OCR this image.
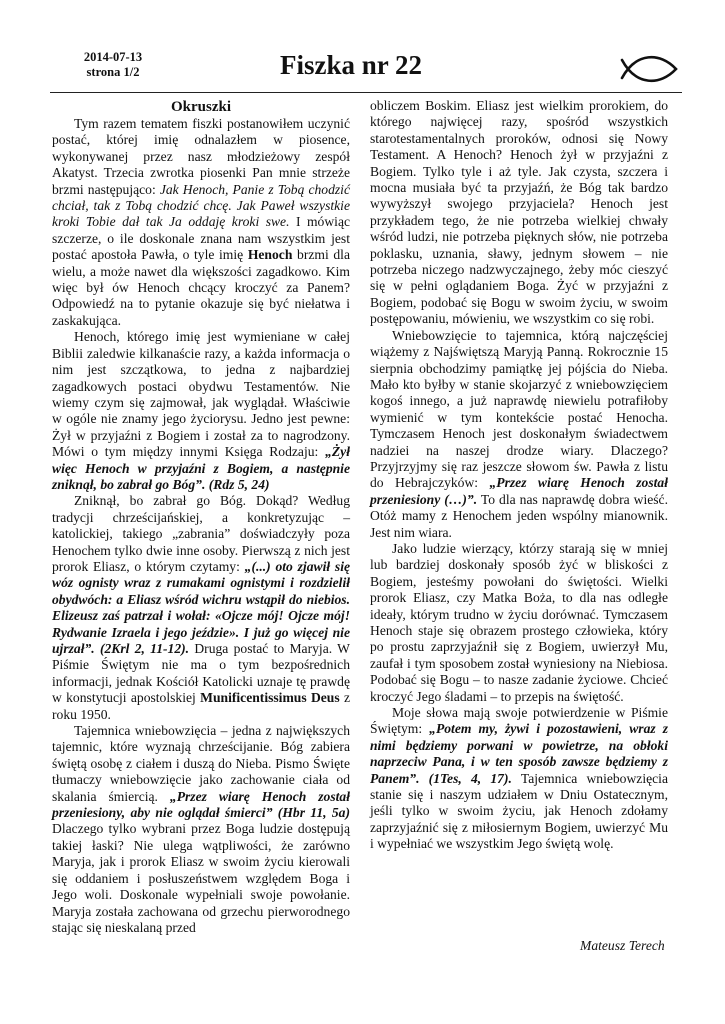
2014-07-13
strona 1/2	Fiszka nr 22
Okruszki

Tym razem tematem fiszki postanowiłem uczynić postać, której imię odnalazłem w piosence, wykonywanej przez nasz młodzieżowy zespół Akatyst. Trzecia zwrotka piosenki Pan mnie strzeże brzmi następująco: Jak Henoch, Panie z Tobą chodzić chciał, tak z Tobą chodzić chcę. Jak Paweł wszystkie kroki Tobie dał tak Ja oddaję kroki swe. I mówiąc szczerze, o ile doskonale znana nam wszystkim jest postać apostoła Pawła, o tyle imię Henoch brzmi dla wielu, a może nawet dla większości zagadkowo. Kim więc był ów Henoch chcący kroczyć za Panem? Odpowiedź na to pytanie okazuje się być niełatwa i zaskakująca.

Henoch, którego imię jest wymieniane w całej Biblii zaledwie kilkanaście razy, a każda informacja o nim jest szczątkowa, to jedna z najbardziej zagadkowych postaci obydwu Testamentów. Nie wiemy czym się zajmował, jak wyglądał. Właściwie w ogóle nie znamy jego życiorysu. Jedno jest pewne: Żył w przyjaźni z Bogiem i został za to nagrodzony. Mówi o tym między innymi Księga Rodzaju: „Żył więc Henoch w przyjaźni z Bogiem, a następnie zniknął, bo zabrał go Bóg”. (Rdz 5, 24)

Zniknął, bo zabrał go Bóg. Dokąd? Według tradycji chrześcijańskiej, a konkretyzując – katolickiej, takiego „zabrania” doświadczyły poza Henochem tylko dwie inne osoby. Pierwszą z nich jest prorok Eliasz, o którym czytamy: „(...) oto zjawił się wóz ognisty wraz z rumakami ognistymi i rozdzielił obydwóch: a Eliasz wśród wichru wstąpił do niebios. Elizeusz zaś patrzał i wołał: «Ojcze mój! Ojcze mój! Rydwanie Izraela i jego jeździe». I już go więcej nie ujrzał”. (2Krl 2, 11-12). Druga postać to Maryja. W Piśmie Świętym nie ma o tym bezpośrednich informacji, jednak Kościół Katolicki uznaje tę prawdę w konstytucji apostolskiej Munificentissimus Deus z roku 1950.

Tajemnica wniebowzięcia – jedna z największych tajemnic, które wyznają chrześcijanie. Bóg zabiera świętą osobę z ciałem i duszą do Nieba. Pismo Święte tłumaczy wniebowzięcie jako zachowanie ciała od skalania śmiercią. „Przez wiarę Henoch został przeniesiony, aby nie oglądał śmierci” (Hbr 11, 5a) Dlaczego tylko wybrani przez Boga ludzie dostępują takiej łaski? Nie ulega wątpliwości, że zarówno Maryja, jak i prorok Eliasz w swoim życiu kierowali się oddaniem i posłuszeństwem względem Boga i Jego woli. Doskonale wypełniali swoje powołanie. Maryja została zachowana od grzechu pierworodnego stając się nieskalaną przed

obliczem Boskim. Eliasz jest wielkim prorokiem, do którego najwięcej razy, spośród wszystkich starotestamentalnych proroków, odnosi się Nowy Testament. A Henoch? Henoch żył w przyjaźni z Bogiem. Tylko tyle i aż tyle. Jak czysta, szczera i mocna musiała być ta przyjaźń, że Bóg tak bardzo wywyższył swojego przyjaciela? Henoch jest przykładem tego, że nie potrzeba wielkiej chwały wśród ludzi, nie potrzeba pięknych słów, nie potrzeba poklasku, uznania, sławy, jednym słowem – nie potrzeba niczego nadzwyczajnego, żeby móc cieszyć się w pełni oglądaniem Boga. Żyć w przyjaźni z Bogiem, podobać się Bogu w swoim życiu, w swoim postępowaniu, mówieniu, we wszystkim co się robi.

Wniebowzięcie to tajemnica, którą najczęściej wiążemy z Najświętszą Maryją Panną. Rokrocznie 15 sierpnia obchodzimy pamiątkę jej pójścia do Nieba. Mało kto byłby w stanie skojarzyć z wniebowzięciem kogoś innego, a już naprawdę niewielu potrafiłoby wymienić w tym kontekście postać Henocha. Tymczasem Henoch jest doskonałym świadectwem nadziei na naszej drodze wiary. Dlaczego? Przyjrzyjmy się raz jeszcze słowom św. Pawła z listu do Hebrajczyków: „Przez wiarę Henoch został przeniesiony (…)”. To dla nas naprawdę dobra wieść. Otóż mamy z Henochem jeden wspólny mianownik. Jest nim wiara.

Jako ludzie wierzący, którzy starają się w mniej lub bardziej doskonały sposób żyć w bliskości z Bogiem, jesteśmy powołani do świętości. Wielki prorok Eliasz, czy Matka Boża, to dla nas odległe ideały, którym trudno w życiu dorównać. Tymczasem Henoch staje się obrazem prostego człowieka, który po prostu zaprzyjaźnił się z Bogiem, uwierzył Mu, zaufał i tym sposobem został wyniesiony na Niebiosa. Podobać się Bogu – to nasze zadanie życiowe. Chcieć kroczyć Jego śladami – to przepis na świętość.

Moje słowa mają swoje potwierdzenie w Piśmie Świętym: „Potem my, żywi i pozostawieni, wraz z nimi będziemy porwani w powietrze, na obłoki naprzeciw Pana, i w ten sposób zawsze będziemy z Panem”. (1Tes, 4, 17). Tajemnica wniebowzięcia stanie się i naszym udziałem w Dniu Ostatecznym, jeśli tylko w swoim życiu, jak Henoch zdołamy zaprzyjaźnić się z miłosiernym Bogiem, uwierzyć Mu i wypełniać we wszystkim Jego świętą wolę.

Mateusz Terech
